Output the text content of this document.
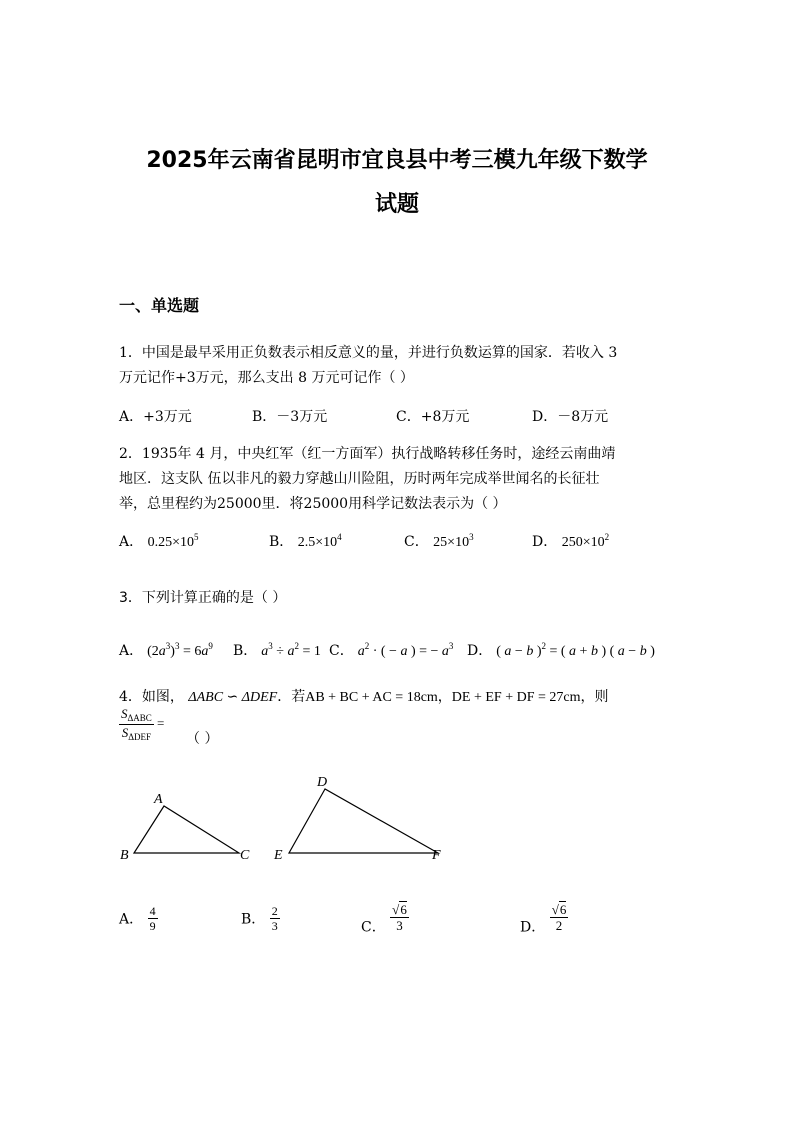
2025年云南省昆明市宜良县中考三模九年级下数学
试题
一、单选题
1．中国是最早采用正负数表示相反意义的量，并进行负数运算的国家．若收入 3
万元记作+3万元，那么支出 8 万元可记作（ ）
A．+3万元	B．－3万元	C．+8万元	D．－8万元
2．1935年 4 月，中央红军（红一方面军）执行战略转移任务时，途经云南曲靖
地区．这支队 伍以非凡的毅力穿越山川险阻，历时两年完成举世闻名的长征壮
举，总里程约为25000里．将25000用科学记数法表示为（ ）
A． $0.25\times 10^5$	B． $2.5\times 10^4$	C． $25\times 10^3$	D． $250\times 10^2$
3．下列计算正确的是（ ）
A． $(2a^3)^3 = 6a^9$ B． $a^3 \div a^2 = 1$ C． $a^2$ · ( − a ) = − $a^3$ D． ( a − b )$^2$ = ( a + b ) ( a − b )
4．如图， ΔABC ∽ ΔDEF．若AB + BC + AC = 18cm，DE + EF + DF = 27cm，则
$\frac{S_{\Delta ABC}}{S_{\Delta DEF}}$ =
（ ）
A
B	C
D
E	F
A． $\frac{4}{9}$	B． $\frac{2}{3}$	C． $\frac{√6}{3}$	D． $\frac{√6}{2}$
